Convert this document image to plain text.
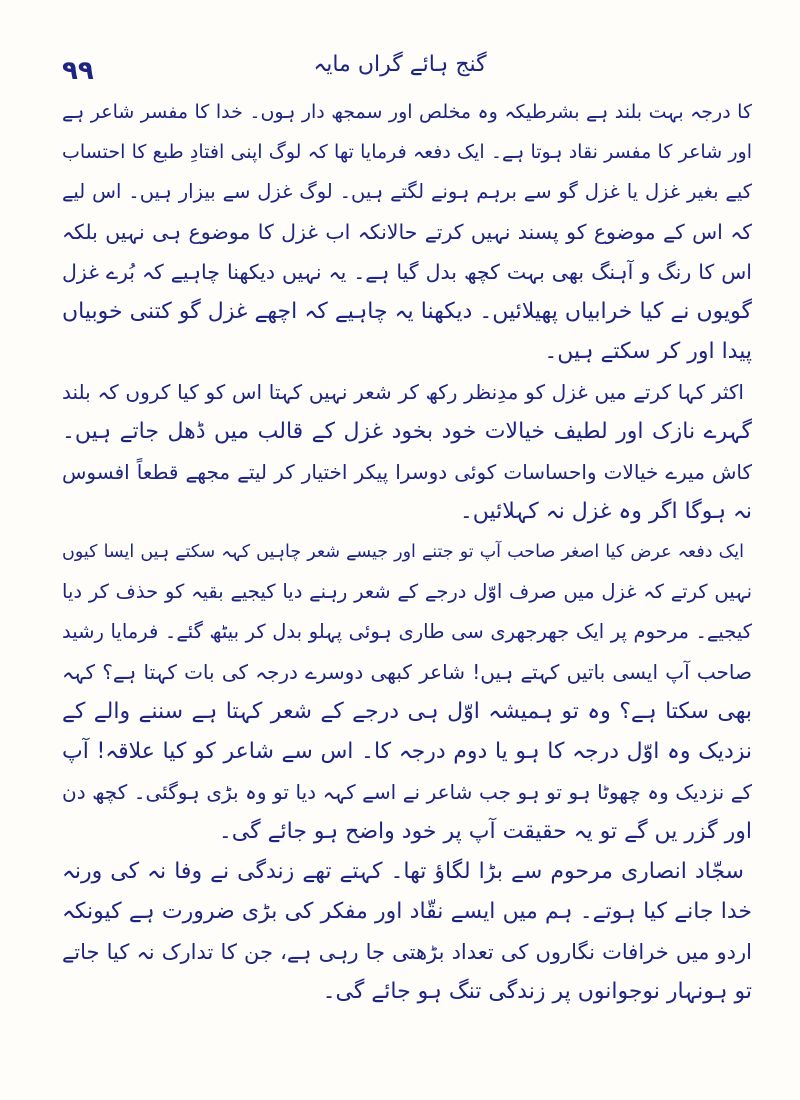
۹۹	گنج ہائے گراں مایہ
کا درجہ بہت بلند ہے بشرطیکہ وہ مخلص اور سمجھ دار ہوں۔ خدا کا مفسر شاعر ہے
اور شاعر کا مفسر نقاد ہوتا ہے۔ ایک دفعہ فرمایا تھا کہ لوگ اپنی افتادِ طبع کا احتساب
کیے بغیر غزل یا غزل گو سے برہم ہونے لگتے ہیں۔ لوگ غزل سے بیزار ہیں۔ اس لیے
کہ اس کے موضوع کو پسند نہیں کرتے حالانکہ اب غزل کا موضوع ہی نہیں بلکہ
اس کا رنگ و آہنگ بھی بہت کچھ بدل گیا ہے۔ یہ نہیں دیکھنا چاہیے کہ بُرے غزل
گویوں نے کیا خرابیاں پھیلائیں۔ دیکھنا یہ چاہیے کہ اچھے غزل گو کتنی خوبیاں
پیدا اور کر سکتے ہیں۔
اکثر کہا کرتے میں غزل کو مدِنظر رکھ کر شعر نہیں کہتا اس کو کیا کروں کہ بلند
گہرے نازک اور لطیف خیالات خود بخود غزل کے قالب میں ڈھل جاتے ہیں۔
کاش میرے خیالات واحساسات کوئی دوسرا پیکر اختیار کر لیتے مجھے قطعاً افسوس
نہ ہوگا اگر وہ غزل نہ کہلائیں۔
ایک دفعہ عرض کیا اصغر صاحب آپ تو جتنے اور جیسے شعر چاہیں کہہ سکتے ہیں ایسا کیوں
نہیں کرتے کہ غزل میں صرف اوّل درجے کے شعر رہنے دیا کیجیے بقیہ کو حذف کر دیا
کیجیے۔ مرحوم پر ایک جھرجھری سی طاری ہوئی پہلو بدل کر بیٹھ گئے۔ فرمایا رشید
صاحب آپ ایسی باتیں کہتے ہیں! شاعر کبھی دوسرے درجہ کی بات کہتا ہے؟ کہہ
بھی سکتا ہے؟ وہ تو ہمیشہ اوّل ہی درجے کے شعر کہتا ہے سننے والے کے
نزدیک وہ اوّل درجہ کا ہو یا دوم درجہ کا۔ اس سے شاعر کو کیا علاقہ! آپ
کے نزدیک وہ چھوٹا ہو تو ہو جب شاعر نے اسے کہہ دیا تو وہ بڑی ہوگئی۔ کچھ دن
اور گزر یں گے تو یہ حقیقت آپ پر خود واضح ہو جائے گی۔
سجّاد انصاری مرحوم سے بڑا لگاؤ تھا۔ کہتے تھے زندگی نے وفا نہ کی ورنہ
خدا جانے کیا ہوتے۔ ہم میں ایسے نقّاد اور مفکر کی بڑی ضرورت ہے کیونکہ
اردو میں خرافات نگاروں کی تعداد بڑھتی جا رہی ہے، جن کا تدارک نہ کیا جاتے
تو ہونہار نوجوانوں پر زندگی تنگ ہو جائے گی۔
